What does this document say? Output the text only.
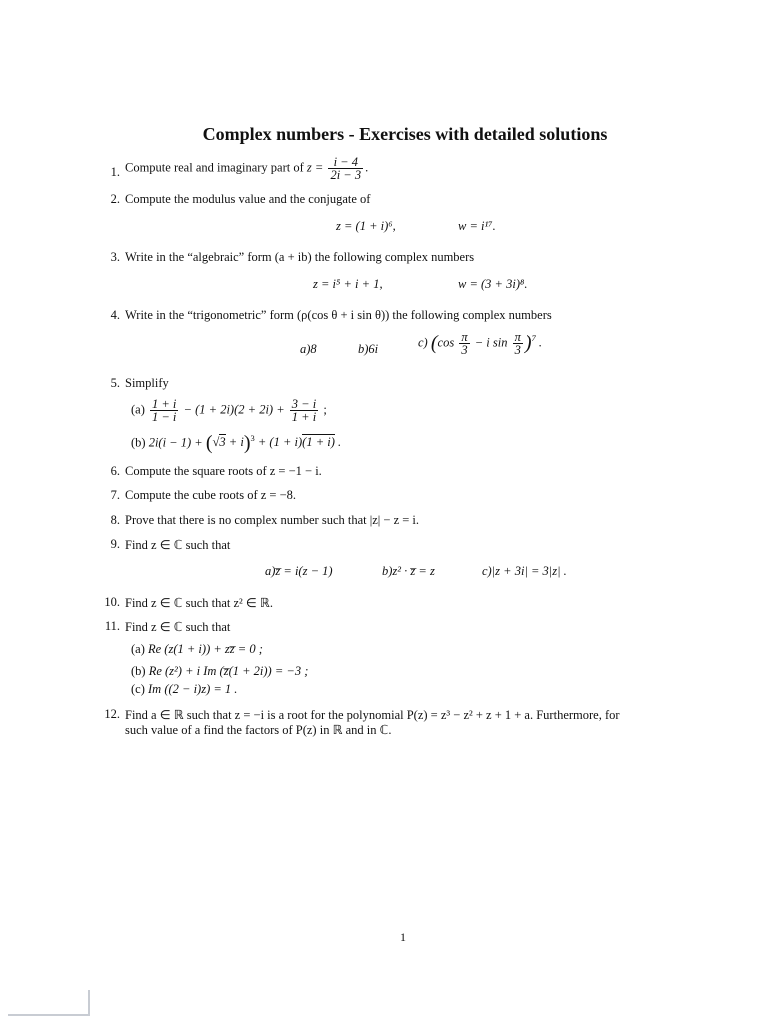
Complex numbers - Exercises with detailed solutions
1. Compute real and imaginary part of $z = \frac{i - 4}{2i - 3}$ .
2. Compute the modulus value and the conjugate of
z = (1 + i)⁶,	w = i¹⁷.
3. Write in the “algebraic” form (a + ib) the following complex numbers
z = i⁵ + i + 1,	w = (3 + 3i)⁸.
4. Write in the “trigonometric” form (ρ(cos θ + i sin θ)) the following complex numbers
a)8	b)6i	c) ($\cos \frac{\pi}{3} - i$ $\sin \frac{\pi}{3} )^7$ .
5. Simplify
$(a) \frac{1 + i}{1 - i} - (1 + 2i)(2 + 2i) + \frac{3 - i}{1 + i}$ ;
(b) $2i(i - 1) + (√3 + i)^3 + (1 + i)(1 + i)$ .
6. Compute the square roots of z = −1 − i.
7. Compute the cube roots of z = −8.
8. Prove that there is no complex number such that |z| − z = i.
9. Find z ∈ ℂ such that
a)z̅ = i(z − 1)	b)z² · z̅ = z	c)|z + 3i| = 3|z| .
10. Find z ∈ ℂ such that z² ∈ ℝ.
11. Find z ∈ ℂ such that
(a) Re (z(1 + i)) + zz̅ = 0 ;
(b) Re (z²) + i Im (z̅(1 + 2i)) = −3 ;
(c) Im ((2 − i)z) = 1 .
12. Find a ∈ ℝ such that z = −i is a root for the polynomial P(z) = z³ − z² + z + 1 + a. Furthermore, for
such value of a find the factors of P(z) in ℝ and in ℂ.
1
